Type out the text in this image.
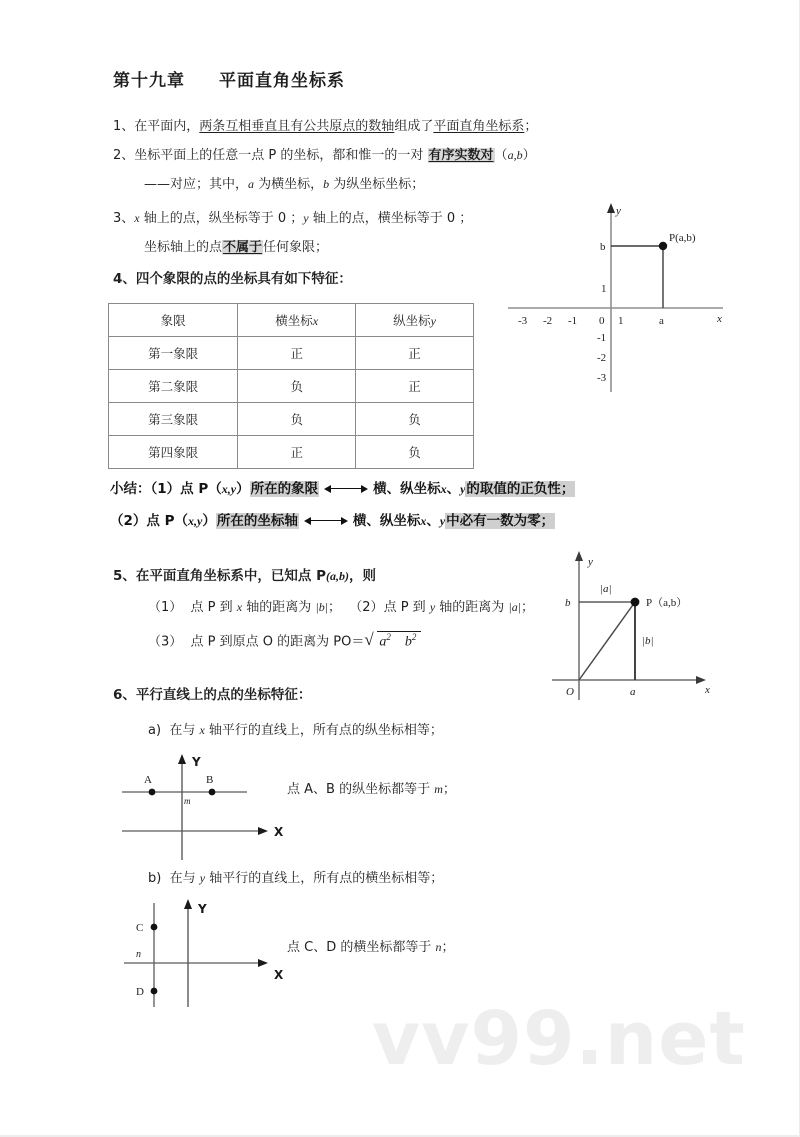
vv99.net
第十九章 平面直角坐标系
1、在平面内，两条互相垂直且有公共原点的数轴组成了平面直角坐标系；
2、坐标平面上的任意一点 P 的坐标，都和惟一的一对 有序实数对（a,b）
——对应；其中，a 为横坐标，b 为纵坐标坐标；
3、x 轴上的点，纵坐标等于 0 ；y 轴上的点，横坐标等于 0 ；
坐标轴上的点不属于任何象限；
4、四个象限的点的坐标具有如下特征：
象限	横坐标x	纵坐标y
第一象限	正	正
第二象限	负	正
第三象限	负	负
第四象限	正	负
小结：（1）点 P（x,y）所在的象限	横、纵坐标x、y的取值的正负性；
（2）点 P（x,y）所在的坐标轴	横、纵坐标x、y中必有一数为零；
5、在平面直角坐标系中，已知点 P(a,b)，则
（1） 点 P 到 x 轴的距离为 |b|； （2）点 P 到 y 轴的距离为 |a|；
（3） 点 P 到原点 O 的距离为 PO＝ √ $a^2$ $b^2$
6、平行直线上的点的坐标特征：
a) 在与 x 轴平行的直线上，所有点的纵坐标相等；
点 A、B 的纵坐标都等于 m；
b) 在与 y 轴平行的直线上，所有点的横坐标相等；
点 C、D 的横坐标都等于 n；
P(a,b)
x
y
b
1
-3 -2 -1 0 1	a
-1
-2
-3
y
x
O
b
a
|a|
|b|
P（a,b）
A	B
m
Y
X
C
D
n
Y
X
